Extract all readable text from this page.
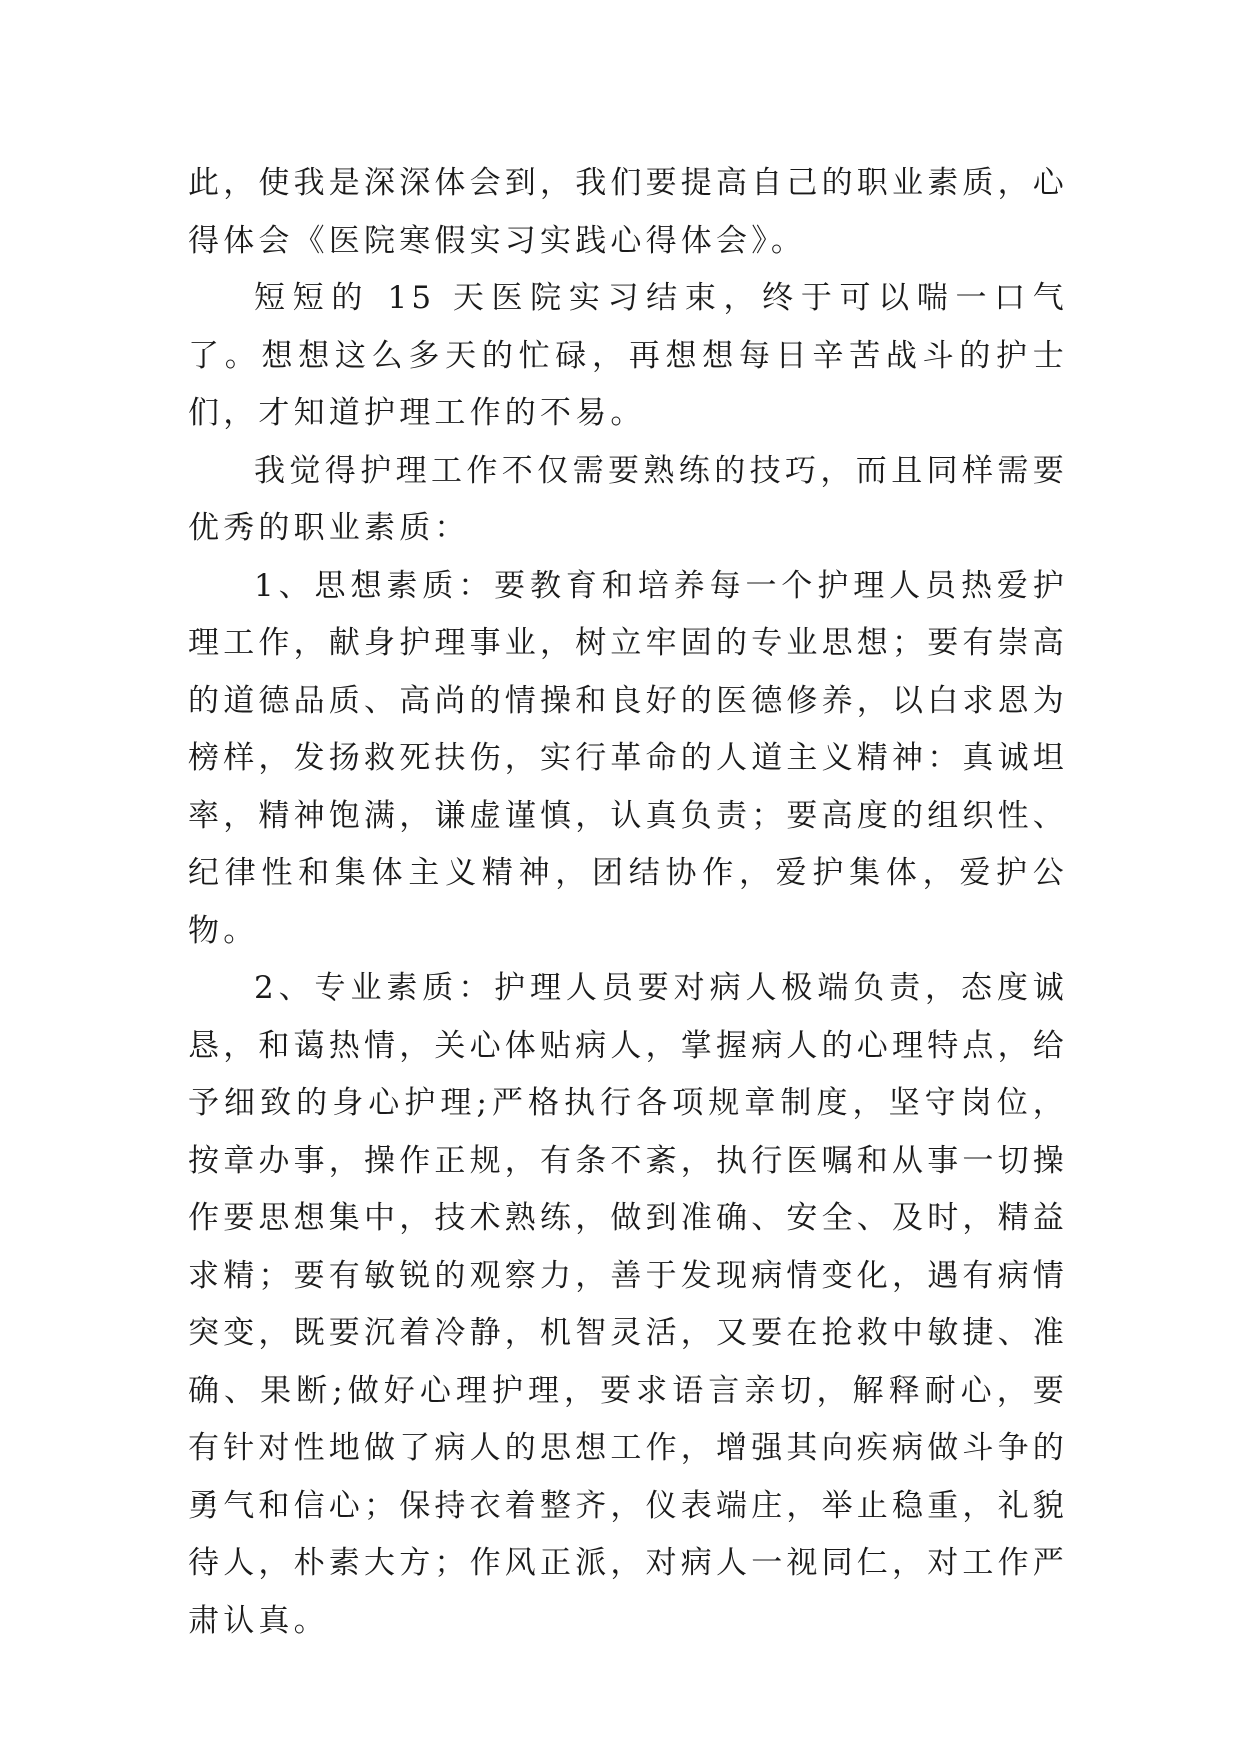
此，使我是深深体会到，我们要提高自己的职业素质，心得体会《医院寒假实习实践心得体会》。

短短的 15 天医院实习结束，终于可以喘一口气了。想想这么多天的忙碌，再想想每日辛苦战斗的护士们，才知道护理工作的不易。

我觉得护理工作不仅需要熟练的技巧，而且同样需要优秀的职业素质：

1、思想素质：要教育和培养每一个护理人员热爱护理工作，献身护理事业，树立牢固的专业思想；要有崇高的道德品质、高尚的情操和良好的医德修养，以白求恩为榜样，发扬救死扶伤，实行革命的人道主义精神：真诚坦率，精神饱满，谦虚谨慎，认真负责；要高度的组织性、纪律性和集体主义精神，团结协作，爱护集体，爱护公物。

2、专业素质：护理人员要对病人极端负责，态度诚恳，和蔼热情，关心体贴病人，掌握病人的心理特点，给予细致的身心护理;严格执行各项规章制度，坚守岗位，按章办事，操作正规，有条不紊，执行医嘱和从事一切操作要思想集中，技术熟练，做到准确、安全、及时，精益求精；要有敏锐的观察力，善于发现病情变化，遇有病情突变，既要沉着冷静，机智灵活，又要在抢救中敏捷、准确、果断;做好心理护理，要求语言亲切，解释耐心，要有针对性地做了病人的思想工作，增强其向疾病做斗争的勇气和信心；保持衣着整齐，仪表端庄，举止稳重，礼貌待人，朴素大方；作风正派，对病人一视同仁，对工作严肃认真。
